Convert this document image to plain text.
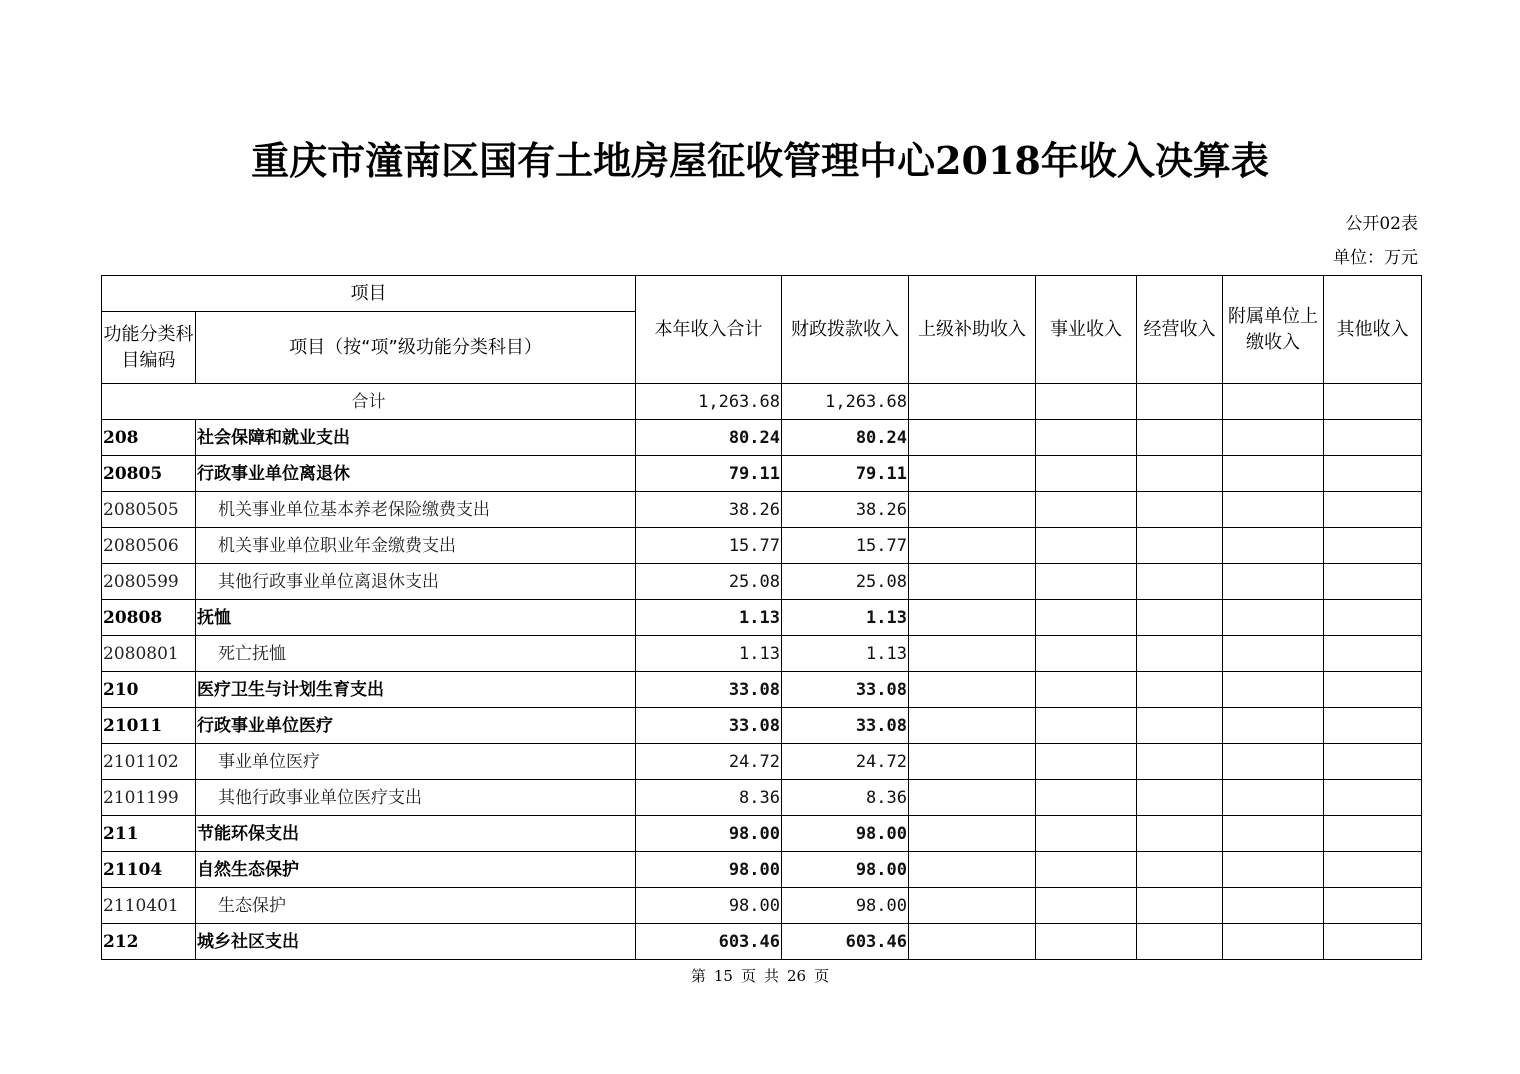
重庆市潼南区国有土地房屋征收管理中心2018年收入决算表
公开02表
单位：万元
项目		本年收入合计	财政拨款收入	上级补助收入	事业收入	经营收入	附属单位上缴收入	其他收入
功能分类科目编码	项目（按“项”级功能分类科目）							
合计		1,263.68	1,263.68					
208	社会保障和就业支出	80.24	80.24					
20805	行政事业单位离退休	79.11	79.11					
2080505	机关事业单位基本养老保险缴费支出	38.26	38.26					
2080506	机关事业单位职业年金缴费支出	15.77	15.77					
2080599	其他行政事业单位离退休支出	25.08	25.08					
20808	抚恤	1.13	1.13					
2080801	死亡抚恤	1.13	1.13					
210	医疗卫生与计划生育支出	33.08	33.08					
21011	行政事业单位医疗	33.08	33.08					
2101102	事业单位医疗	24.72	24.72					
2101199	其他行政事业单位医疗支出	8.36	8.36					
211	节能环保支出	98.00	98.00					
21104	自然生态保护	98.00	98.00					
2110401	生态保护	98.00	98.00					
212	城乡社区支出	603.46	603.46					
第 15 页 共 26 页
